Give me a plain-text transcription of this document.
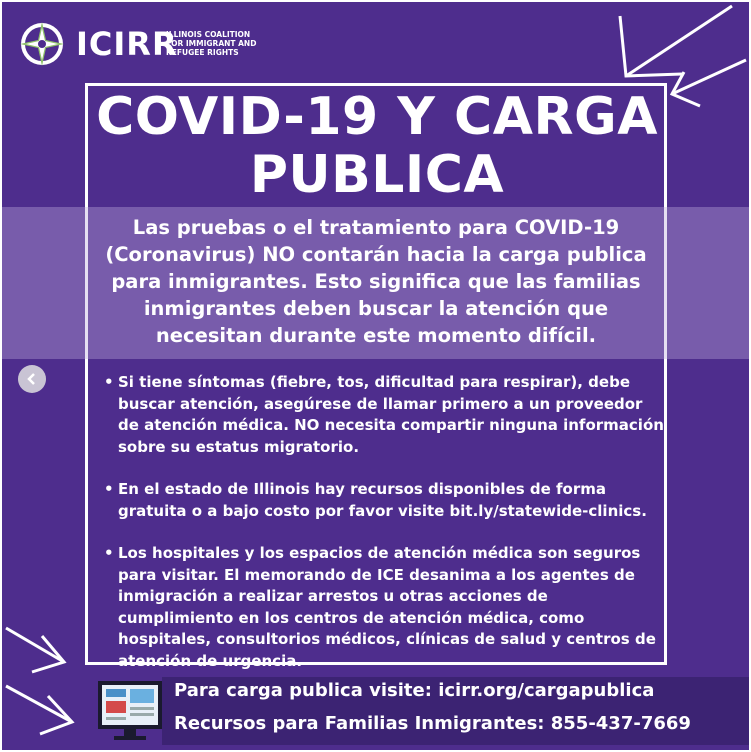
ICIRR
ILLINOIS COALITION
FOR IMMIGRANT AND
REFUGEE RIGHTS
COVID-19 Y CARGA
PUBLICA
Las pruebas o el tratamiento para COVID-19 (Coronavirus) NO contarán hacia la carga publica para inmigrantes. Esto significa que las familias inmigrantes deben buscar la atención que necesitan durante este momento difícil.
• Si tiene síntomas (fiebre, tos, dificultad para respirar), debe buscar atención, asegúrese de llamar primero a un proveedor de atención médica. NO necesita compartir ninguna información sobre su estatus migratorio.
• En el estado de Illinois hay recursos disponibles de forma gratuita o a bajo costo por favor visite bit.ly/statewide-clinics.
• Los hospitales y los espacios de atención médica son seguros para visitar. El memorando de ICE desanima a los agentes de inmigración a realizar arrestos u otras acciones de cumplimiento en los centros de atención médica, como hospitales, consultorios médicos, clínicas de salud y centros de atención de urgencia.
Para carga publica visite: icirr.org/cargapublica
Recursos para Familias Inmigrantes: 855-437-7669
